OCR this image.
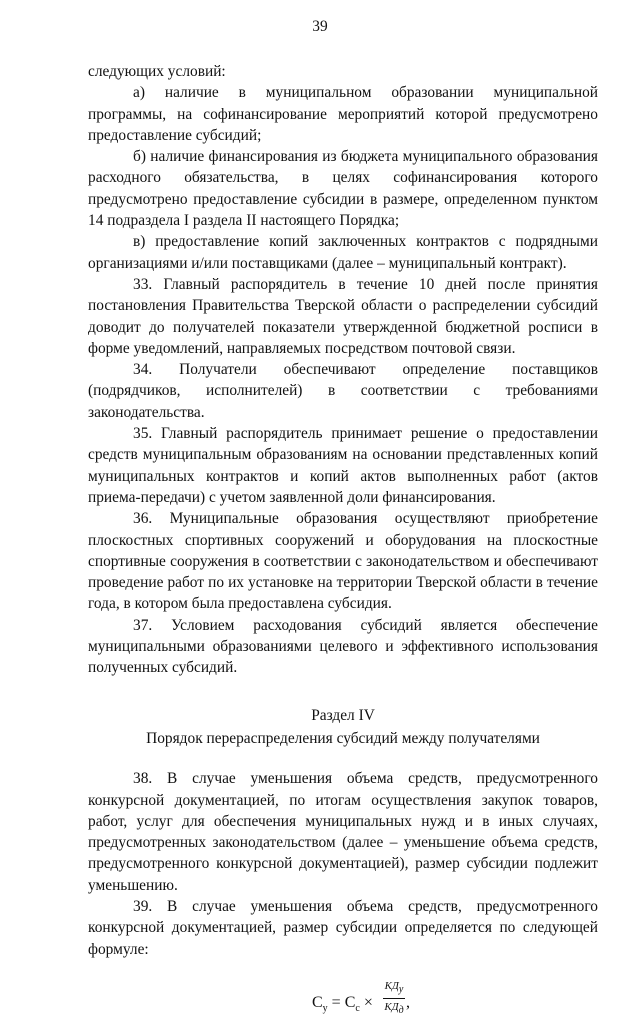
39

следующих условий:

а) наличие в муниципальном образовании муниципальной программы, на софинансирование мероприятий которой предусмотрено предоставление субсидий;

б) наличие финансирования из бюджета муниципального образования расходного обязательства, в целях софинансирования которого предусмотрено предоставление субсидии в размере, определенном пунктом 14 подраздела I раздела II настоящего Порядка;

в) предоставление копий заключенных контрактов с подрядными организациями и/или поставщиками (далее – муниципальный контракт).

33. Главный распорядитель в течение 10 дней после принятия постановления Правительства Тверской области о распределении субсидий доводит до получателей показатели утвержденной бюджетной росписи в форме уведомлений, направляемых посредством почтовой связи.

34. Получатели обеспечивают определение поставщиков (подрядчиков, исполнителей) в соответствии с требованиями законодательства.

35. Главный распорядитель принимает решение о предоставлении средств муниципальным образованиям на основании представленных копий муниципальных контрактов и копий актов выполненных работ (актов приема-передачи) с учетом заявленной доли финансирования.

36. Муниципальные образования осуществляют приобретение плоскостных спортивных сооружений и оборудования на плоскостные спортивные сооружения в соответствии с законодательством и обеспечивают проведение работ по их установке на территории Тверской области в течение года, в котором была предоставлена субсидия.

37. Условием расходования субсидий является обеспечение муниципальными образованиями целевого и эффективного использования полученных субсидий.

Раздел IV

Порядок перераспределения субсидий между получателями

38. В случае уменьшения объема средств, предусмотренного конкурсной документацией, по итогам осуществления закупок товаров, работ, услуг для обеспечения муниципальных нужд и в иных случаях, предусмотренных законодательством (далее – уменьшение объема средств, предусмотренного конкурсной документацией), размер субсидии подлежит уменьшению.

39. В случае уменьшения объема средств, предусмотренного конкурсной документацией, размер субсидии определяется по следующей формуле:

$С_у = С_с$ ×
$КД_у$
$КД_д$ ,
